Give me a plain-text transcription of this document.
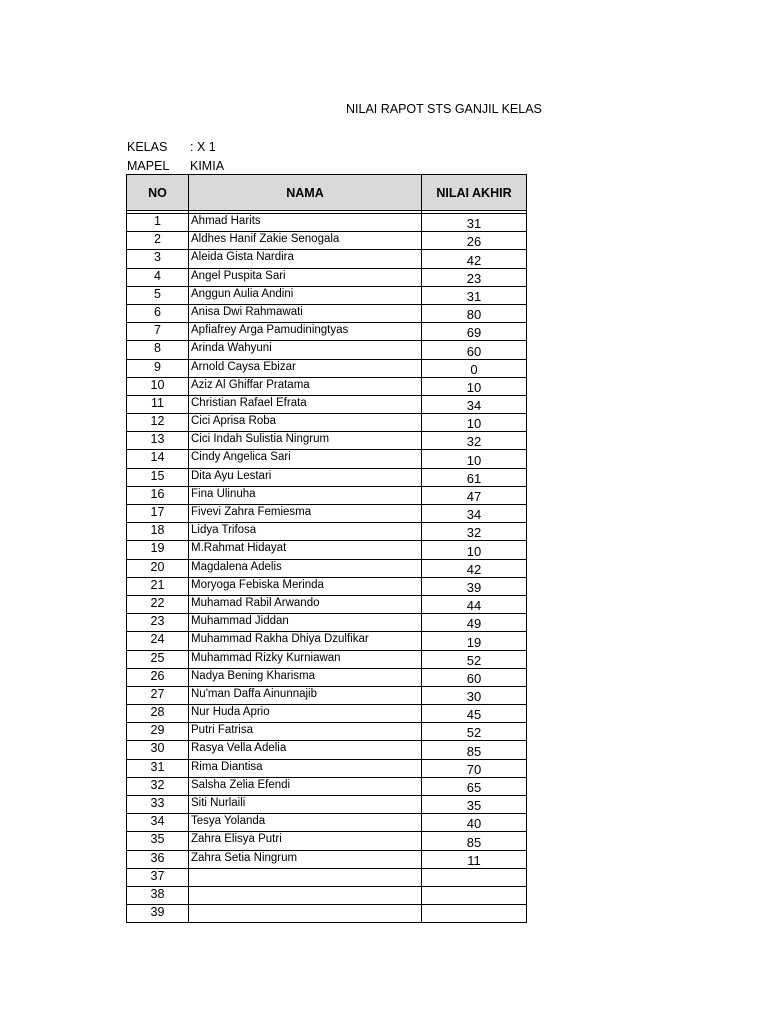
NILAI RAPOT STS GANJIL KELAS
KELAS : X 1
MAPEL KIMIA
NO	NAMA	NILAI AKHIR

1	Ahmad Harits	31
2	Aldhes Hanif Zakie Senogala	26
3	Aleida Gista Nardira	42
4	Angel Puspita Sari	23
5	Anggun Aulia Andini	31
6	Anisa Dwi Rahmawati	80
7	Apfiafrey Arga Pamudiningtyas	69
8	Arinda Wahyuni	60
9	Arnold Caysa Ebizar	0
10	Aziz Al Ghiffar Pratama	10
11	Christian Rafael Efrata	34
12	Cici Aprisa Roba	10
13	Cici Indah Sulistia Ningrum	32
14	Cindy Angelica Sari	10
15	Dita Ayu Lestari	61
16	Fina Ulinuha	47
17	Fivevi Zahra Femiesma	34
18	Lidya Trifosa	32
19	M.Rahmat Hidayat	10
20	Magdalena Adelis	42
21	Moryoga Febiska Merinda	39
22	Muhamad Rabil Arwando	44
23	Muhammad Jiddan	49
24	Muhammad Rakha Dhiya Dzulfikar	19
25	Muhammad Rizky Kurniawan	52
26	Nadya Bening Kharisma	60
27	Nu'man Daffa Ainunnajib	30
28	Nur Huda Aprio	45
29	Putri Fatrisa	52
30	Rasya Vella Adelia	85
31	Rima Diantisa	70
32	Salsha Zelia Efendi	65
33	Siti Nurlaili	35
34	Tesya Yolanda	40
35	Zahra Elisya Putri	85
36	Zahra Setia Ningrum	11
37		
38		
39		
